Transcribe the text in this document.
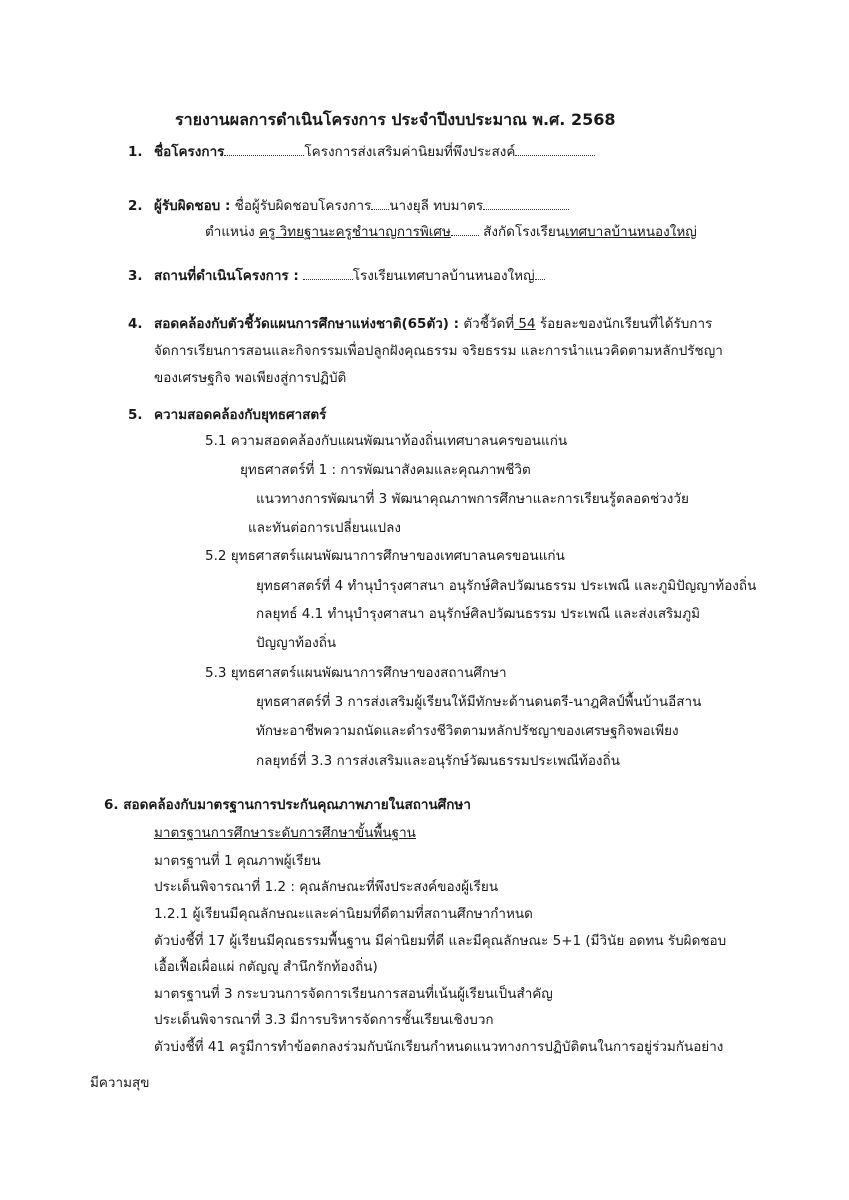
รายงานผลการดำเนินโครงการ ประจำปีงบประมาณ พ.ศ. 2568
1. ชื่อโครงการ	โครงการส่งเสริมค่านิยมที่พึงประสงค์
2. ผู้รับผิดชอบ : ชื่อผู้รับผิดชอบโครงการ นางยุลี ทบมาตร
ตำแหน่ง ครู วิทยฐานะครูชำนาญการพิเศษ สังกัดโรงเรียนเทศบาลบ้านหนองใหญ่
3. สถานที่ดำเนินโครงการ :	โรงเรียนเทศบาลบ้านหนองใหญ่
4. สอดคล้องกับตัวชี้วัดแผนการศึกษาแห่งชาติ(65ตัว) : ตัวชี้วัดที่ 54 ร้อยละของนักเรียนที่ได้รับการ
จัดการเรียนการสอนและกิจกรรมเพื่อปลูกฝังคุณธรรม จริยธรรม และการนำแนวคิดตามหลักปรัชญา
ของเศรษฐกิจ พอเพียงสู่การปฏิบัติ
5. ความสอดคล้องกับยุทธศาสตร์
5.1 ความสอดคล้องกับแผนพัฒนาท้องถิ่นเทศบาลนครขอนแก่น
ยุทธศาสตร์ที่ 1 : การพัฒนาสังคมและคุณภาพชีวิต
แนวทางการพัฒนาที่ 3 พัฒนาคุณภาพการศึกษาและการเรียนรู้ตลอดช่วงวัย
และทันต่อการเปลี่ยนแปลง
5.2 ยุทธศาสตร์แผนพัฒนาการศึกษาของเทศบาลนครขอนแก่น
ยุทธศาสตร์ที่ 4 ทำนุบำรุงศาสนา อนุรักษ์ศิลปวัฒนธรรม ประเพณี และภูมิปัญญาท้องถิ่น
กลยุทธ์ 4.1 ทำนุบำรุงศาสนา อนุรักษ์ศิลปวัฒนธรรม ประเพณี และส่งเสริมภูมิ
ปัญญาท้องถิ่น
5.3 ยุทธศาสตร์แผนพัฒนาการศึกษาของสถานศึกษา
ยุทธศาสตร์ที่ 3 การส่งเสริมผู้เรียนให้มีทักษะด้านดนตรี-นาฎศิลป์พื้นบ้านอีสาน
ทักษะอาชีพความถนัดและดำรงชีวิตตามหลักปรัชญาของเศรษฐกิจพอเพียง
กลยุทธ์ที่ 3.3 การส่งเสริมและอนุรักษ์วัฒนธรรมประเพณีท้องถิ่น
6. สอดคล้องกับมาตรฐานการประกันคุณภาพภายในสถานศึกษา
มาตรฐานการศึกษาระดับการศึกษาขั้นพื้นฐาน
มาตรฐานที่ 1 คุณภาพผู้เรียน
ประเด็นพิจารณาที่ 1.2 : คุณลักษณะที่พึงประสงค์ของผู้เรียน
1.2.1 ผู้เรียนมีคุณลักษณะและค่านิยมที่ดีตามที่สถานศึกษากำหนด
ตัวบ่งชี้ที่ 17 ผู้เรียนมีคุณธรรมพื้นฐาน มีค่านิยมที่ดี และมีคุณลักษณะ 5+1 (มีวินัย อดทน รับผิดชอบ
เอื้อเฟื้อเผื่อแผ่ กตัญญู สำนึกรักท้องถิ่น)
มาตรฐานที่ 3 กระบวนการจัดการเรียนการสอนที่เน้นผู้เรียนเป็นสำคัญ
ประเด็นพิจารณาที่ 3.3 มีการบริหารจัดการชั้นเรียนเชิงบวก
ตัวบ่งชี้ที่ 41 ครูมีการทำข้อตกลงร่วมกับนักเรียนกำหนดแนวทางการปฏิบัติตนในการอยู่ร่วมกันอย่าง
มีความสุข
